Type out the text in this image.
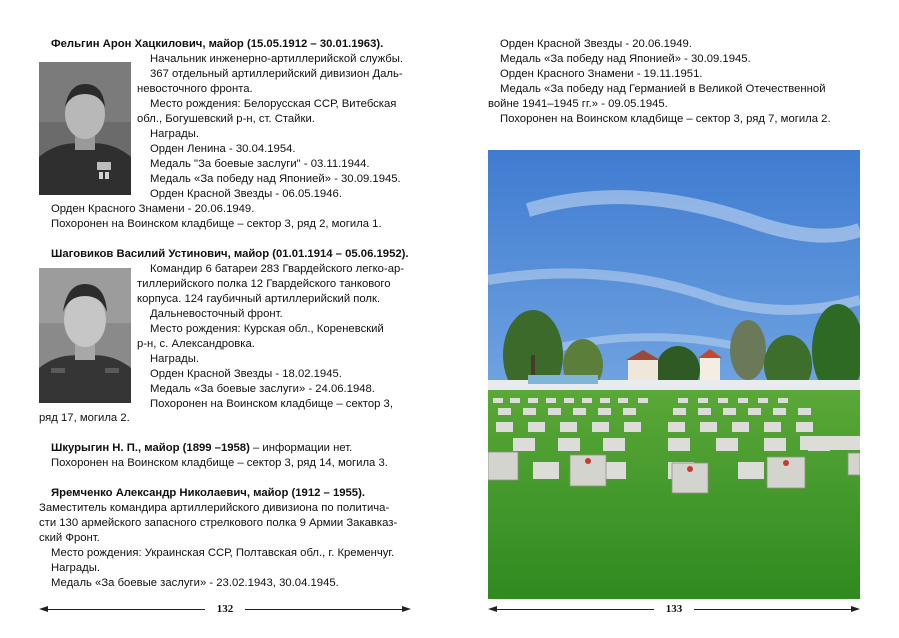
Фельгин Арон Хацкилович, майор (15.05.1912 – 30.01.1963).
Начальник инженерно-артиллерийской службы.
367 отдельный артиллерийский дивизион Даль-
невосточного фронта.
Место рождения: Белорусская ССР, Витебская
обл., Богушевский р-н, ст. Стайки.
Награды.
Орден Ленина - 30.04.1954.
Медаль "За боевые заслуги" - 03.11.1944.
Медаль «За победу над Японией» - 30.09.1945.
Орден Красной Звезды - 06.05.1946.
Орден Красного Знамени - 20.06.1949.
Похоронен на Воинском кладбище – сектор 3, ряд 2, могила 1.
Шаговиков Василий Устинович, майор (01.01.1914 – 05.06.1952).
Командир 6 батареи 283 Гвардейского легко-ар-
тиллерийского полка 12 Гвардейского танкового
корпуса. 124 гаубичный артиллерийский полк.
Дальневосточный фронт.
Место рождения: Курская обл., Кореневский
р-н, с. Александровка.
Награды.
Орден Красной Звезды - 18.02.1945.
Медаль «За боевые заслуги» - 24.06.1948.
Похоронен на Воинском кладбище – сектор 3,
ряд 17, могила 2.
Шкурыгин Н. П., майор (1899 –1958) – информации нет.
Похоронен на Воинском кладбище – сектор 3, ряд 14, могила 3.
Яремченко Александр Николаевич, майор (1912 – 1955).
Заместитель командира артиллерийского дивизиона по политича-
сти 130 армейского запасного стрелкового полка 9 Армии Закавказ-
ский Фронт.
Место рождения: Украинская ССР, Полтавская обл., г. Кременчуг.
Награды.
Медаль «За боевые заслуги» - 23.02.1943, 30.04.1945.
132
Орден Красной Звезды - 20.06.1949.
Медаль «За победу над Японией» - 30.09.1945.
Орден Красного Знамени - 19.11.1951.
Медаль «За победу над Германией в Великой Отечественной
войне 1941–1945 гг.» - 09.05.1945.
Похоронен на Воинском кладбище – сектор 3, ряд 7, могила 2.
133
